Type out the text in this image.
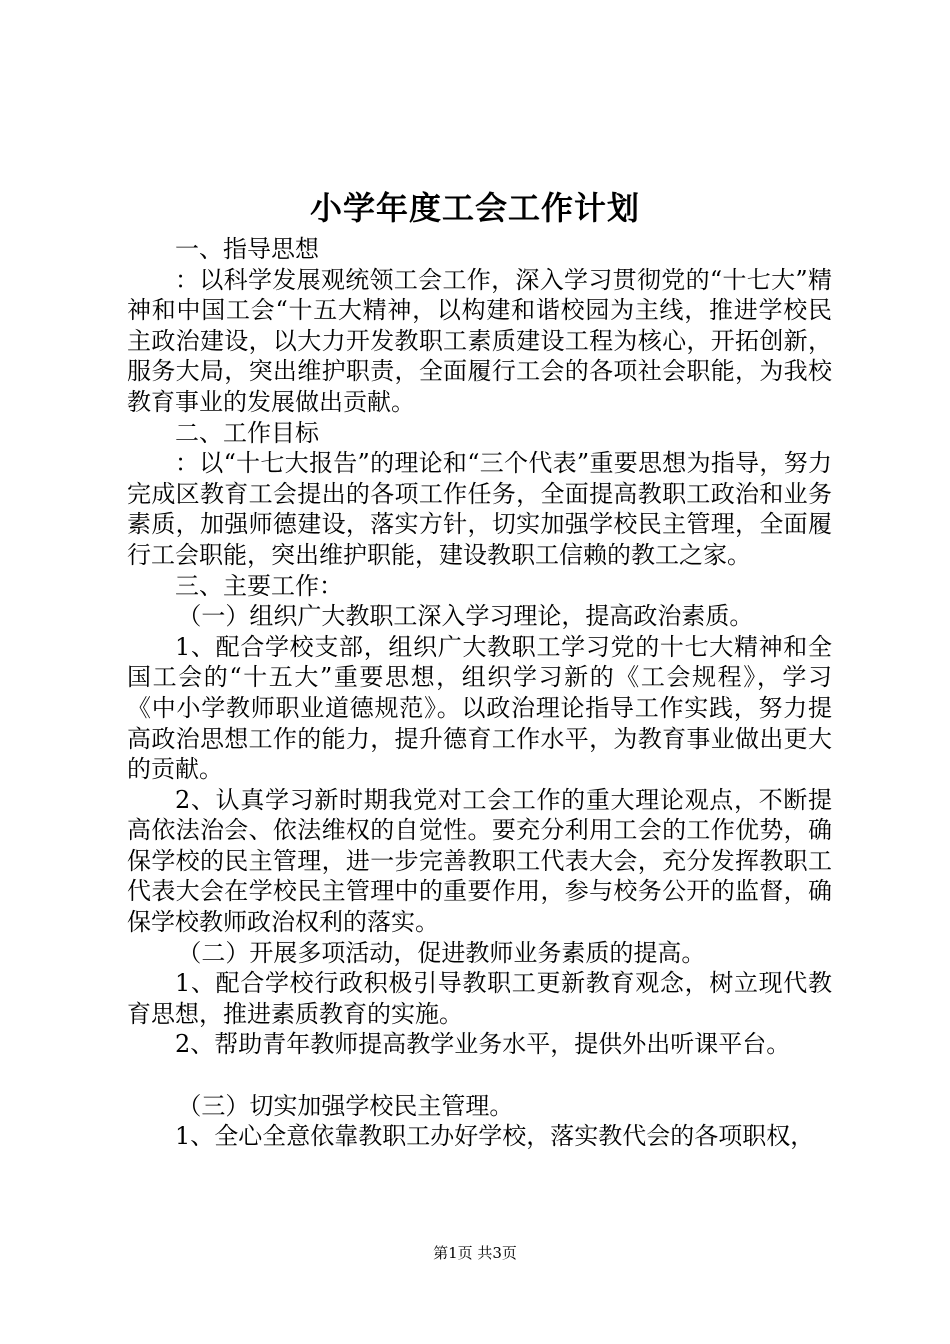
小学年度工会工作计划

一、指导思想

：以科学发展观统领工会工作，深入学习贯彻党的“十七大”精神和中国工会“十五大精神，以构建和谐校园为主线，推进学校民主政治建设，以大力开发教职工素质建设工程为核心，开拓创新，服务大局，突出维护职责，全面履行工会的各项社会职能，为我校教育事业的发展做出贡献。

二、工作目标

：以“十七大报告”的理论和“三个代表”重要思想为指导，努力完成区教育工会提出的各项工作任务，全面提高教职工政治和业务素质，加强师德建设，落实方针，切实加强学校民主管理，全面履行工会职能，突出维护职能，建设教职工信赖的教工之家。

三、主要工作：

（一）组织广大教职工深入学习理论，提高政治素质。

1、配合学校支部，组织广大教职工学习党的十七大精神和全国工会的“十五大”重要思想，组织学习新的《工会规程》，学习《中小学教师职业道德规范》。以政治理论指导工作实践，努力提高政治思想工作的能力，提升德育工作水平，为教育事业做出更大的贡献。

2、认真学习新时期我党对工会工作的重大理论观点，不断提高依法治会、依法维权的自觉性。要充分利用工会的工作优势，确保学校的民主管理，进一步完善教职工代表大会，充分发挥教职工代表大会在学校民主管理中的重要作用，参与校务公开的监督，确保学校教师政治权利的落实。

（二）开展多项活动，促进教师业务素质的提高。

1、配合学校行政积极引导教职工更新教育观念，树立现代教育思想，推进素质教育的实施。

2、帮助青年教师提高教学业务水平，提供外出听课平台。

（三）切实加强学校民主管理。

1、全心全意依靠教职工办好学校，落实教代会的各项职权，

第1页 共3页
